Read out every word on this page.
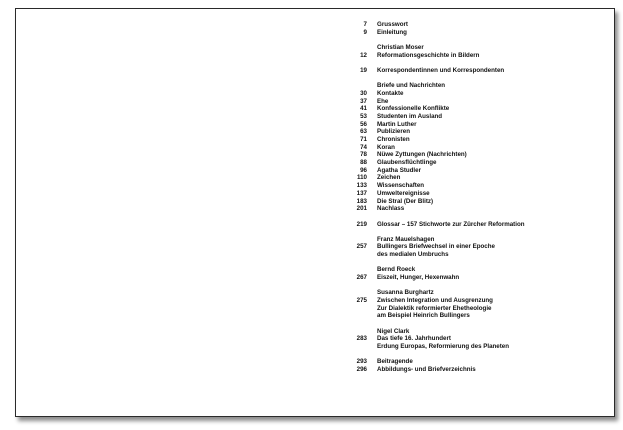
7 Grusswort
9 Einleitung
Christian Moser
12 Reformationsgeschichte in Bildern
19 Korrespondentinnen und Korrespondenten
Briefe und Nachrichten
30 Kontakte
37 Ehe
41 Konfessionelle Konflikte
53 Studenten im Ausland
56 Martin Luther
63 Publizieren
71 Chronisten
74 Koran
78 Nüwe Zyttungen (Nachrichten)
88 Glaubensflüchtlinge
96 Agatha Studler
110 Zeichen
133 Wissenschaften
137 Umweltereignisse
183 Die Stral (Der Blitz)
201 Nachlass
219 Glossar – 157 Stichworte zur Zürcher Reformation
Franz Mauelshagen
257 Bullingers Briefwechsel in einer Epoche
des medialen Umbruchs
Bernd Roeck
267 Eiszeit, Hunger, Hexenwahn
Susanna Burghartz
275 Zwischen Integration und Ausgrenzung
Zur Dialektik reformierter Ehetheologie
am Beispiel Heinrich Bullingers
Nigel Clark
283 Das tiefe 16. Jahrhundert
Erdung Europas, Reformierung des Planeten
293 Beitragende
296 Abbildungs- und Briefverzeichnis
